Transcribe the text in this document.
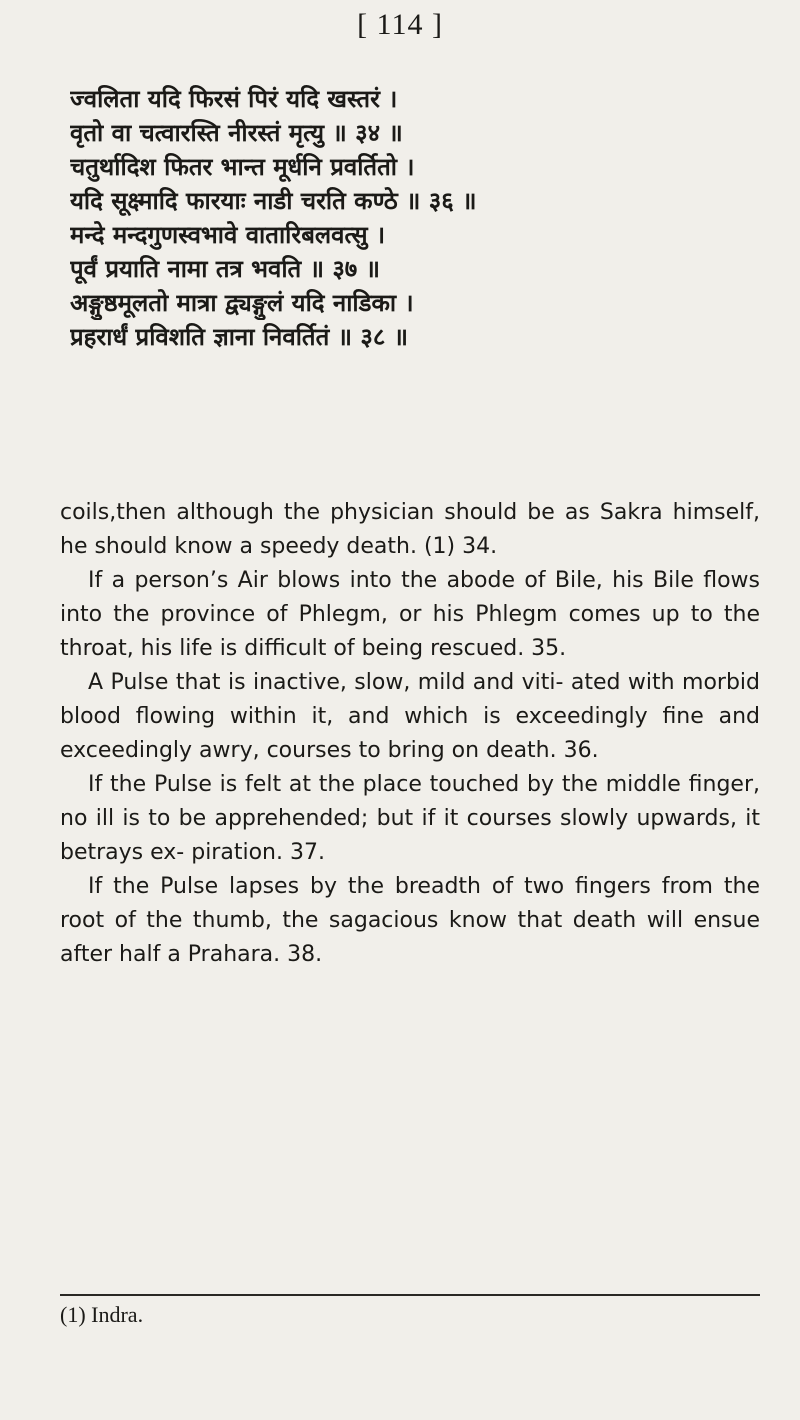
[ 114 ]
ज्वलिता यदि फिरसं पिरं यदि खस्तरं ।
वृतो वा चत्वारस्ति नीरस्तं मृत्यु ॥ ३४ ॥
चतुर्थादिश फितर भान्त मूर्धनि प्रवर्तितो ।
यदि सूक्ष्मादि फारयाः नाडी चरति कण्ठे ॥ ३६ ॥
मन्दे मन्दगुणस्वभावे वातारिबलवत्सु ।
पूर्वं प्रयाति नामा तत्र भवति ॥ ३७ ॥
अङ्गुष्ठमूलतो मात्रा द्व्यङ्गुलं यदि नाडिका ।
प्रहरार्धं प्रविशति ज्ञाना निवर्तितं ॥ ३८ ॥

coils,then although the physician should be as Sakra himself, he should know a speedy death. (1) 34.

If a person’s Air blows into the abode of Bile, his Bile flows into the province of Phlegm, or his Phlegm comes up to the throat, his life is difficult of being rescued. 35.

A Pulse that is inactive, slow, mild and viti- ated with morbid blood flowing within it, and which is exceedingly fine and exceedingly awry, courses to bring on death. 36.

If the Pulse is felt at the place touched by the middle finger, no ill is to be apprehended; but if it courses slowly upwards, it betrays ex- piration. 37.

If the Pulse lapses by the breadth of two fingers from the root of the thumb, the sagacious know that death will ensue after half a Prahara. 38.

(1) Indra.
